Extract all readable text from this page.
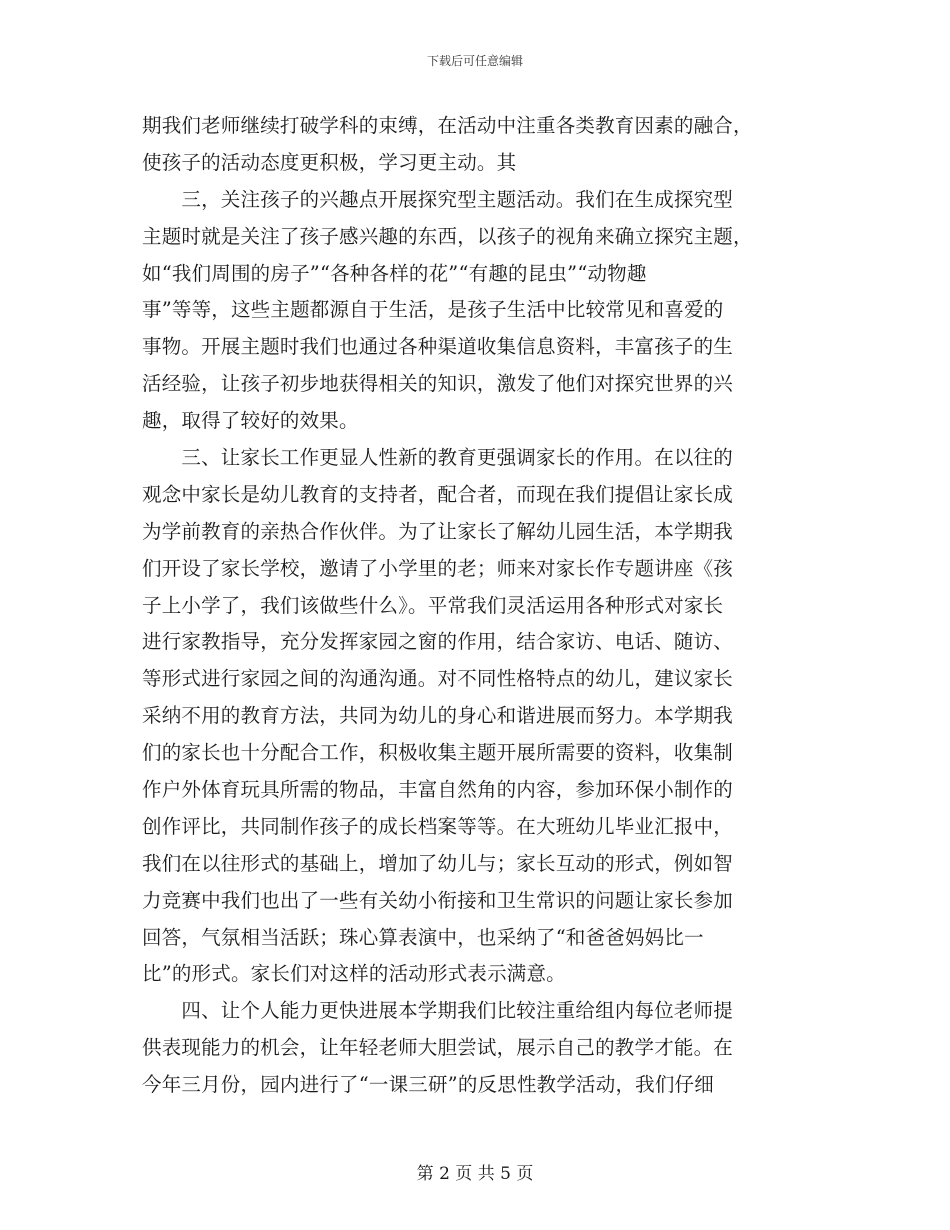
下载后可任意编辑
期我们老师继续打破学科的束缚，在活动中注重各类教育因素的融合，
使孩子的活动态度更积极，学习更主动。其
　　三，关注孩子的兴趣点开展探究型主题活动。我们在生成探究型
主题时就是关注了孩子感兴趣的东西，以孩子的视角来确立探究主题，
如“我们周围的房子”“各种各样的花”“有趣的昆虫”“动物趣
事”等等，这些主题都源自于生活，是孩子生活中比较常见和喜爱的
事物。开展主题时我们也通过各种渠道收集信息资料，丰富孩子的生
活经验，让孩子初步地获得相关的知识，激发了他们对探究世界的兴
趣，取得了较好的效果。
　　三、让家长工作更显人性新的教育更强调家长的作用。在以往的
观念中家长是幼儿教育的支持者，配合者，而现在我们提倡让家长成
为学前教育的亲热合作伙伴。为了让家长了解幼儿园生活，本学期我
们开设了家长学校，邀请了小学里的老；师来对家长作专题讲座《孩
子上小学了，我们该做些什么》。平常我们灵活运用各种形式对家长
进行家教指导，充分发挥家园之窗的作用，结合家访、电话、随访、
等形式进行家园之间的沟通沟通。对不同性格特点的幼儿，建议家长
采纳不用的教育方法，共同为幼儿的身心和谐进展而努力。本学期我
们的家长也十分配合工作，积极收集主题开展所需要的资料，收集制
作户外体育玩具所需的物品，丰富自然角的内容，参加环保小制作的
创作评比，共同制作孩子的成长档案等等。在大班幼儿毕业汇报中，
我们在以往形式的基础上，增加了幼儿与；家长互动的形式，例如智
力竞赛中我们也出了一些有关幼小衔接和卫生常识的问题让家长参加
回答，气氛相当活跃；珠心算表演中，也采纳了“和爸爸妈妈比一
比”的形式。家长们对这样的活动形式表示满意。
　　四、让个人能力更快进展本学期我们比较注重给组内每位老师提
供表现能力的机会，让年轻老师大胆尝试，展示自己的教学才能。在
今年三月份，园内进行了“一课三研”的反思性教学活动，我们仔细
第 2 页 共 5 页
